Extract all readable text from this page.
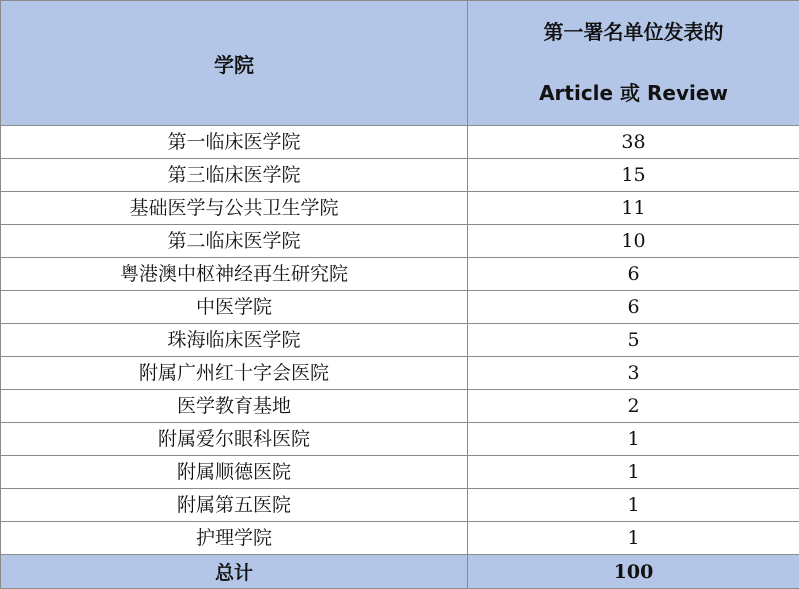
学院	第一署名单位发表的
Article 或 Review

第一临床医学院	38
第三临床医学院	15
基础医学与公共卫生学院	11
第二临床医学院	10
粤港澳中枢神经再生研究院	6
中医学院	6
珠海临床医学院	5
附属广州红十字会医院	3
医学教育基地	2
附属爱尔眼科医院	1
附属顺德医院	1
附属第五医院	1
护理学院	1
总计	100
